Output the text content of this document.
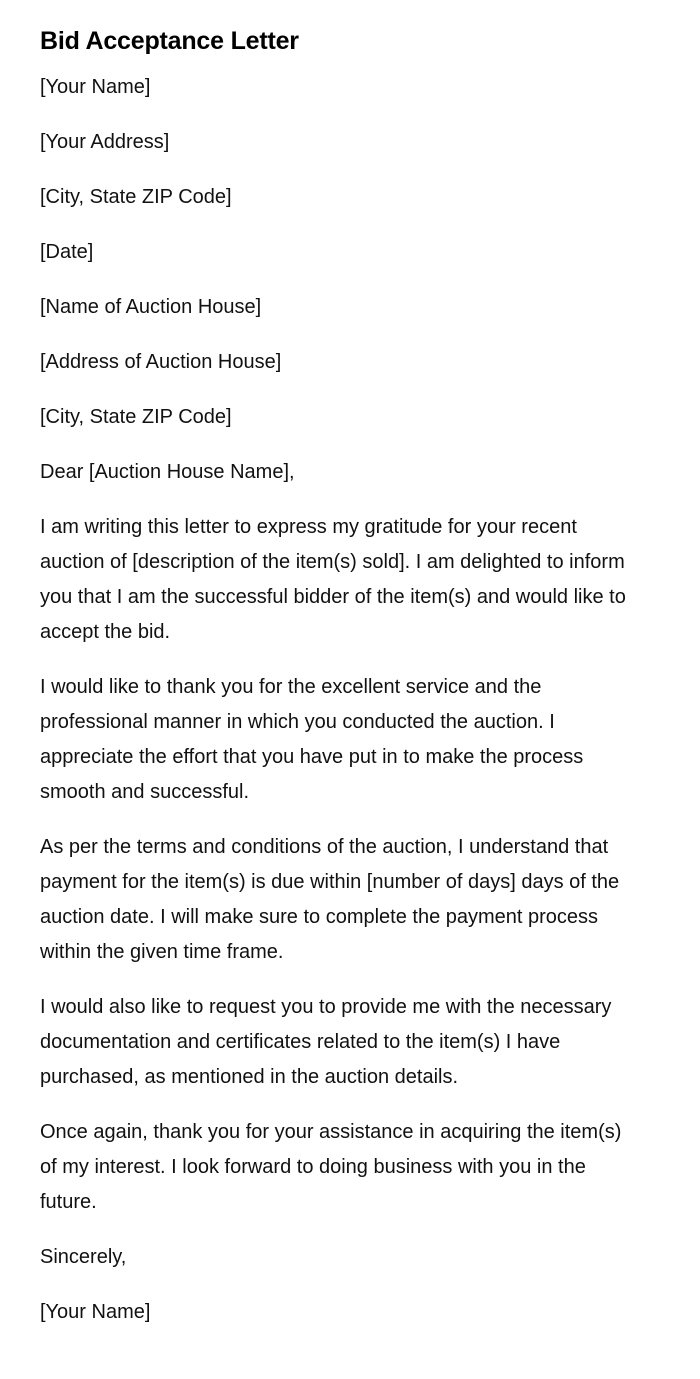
Bid Acceptance Letter

[Your Name]

[Your Address]

[City, State ZIP Code]

[Date]

[Name of Auction House]

[Address of Auction House]

[City, State ZIP Code]

Dear [Auction House Name],

I am writing this letter to express my gratitude for your recent auction of [description of the item(s) sold]. I am delighted to inform you that I am the successful bidder of the item(s) and would like to accept the bid.

I would like to thank you for the excellent service and the professional manner in which you conducted the auction. I appreciate the effort that you have put in to make the process smooth and successful.

As per the terms and conditions of the auction, I understand that payment for the item(s) is due within [number of days] days of the auction date. I will make sure to complete the payment process within the given time frame.

I would also like to request you to provide me with the necessary documentation and certificates related to the item(s) I have purchased, as mentioned in the auction details.

Once again, thank you for your assistance in acquiring the item(s) of my interest. I look forward to doing business with you in the future.

Sincerely,

[Your Name]
